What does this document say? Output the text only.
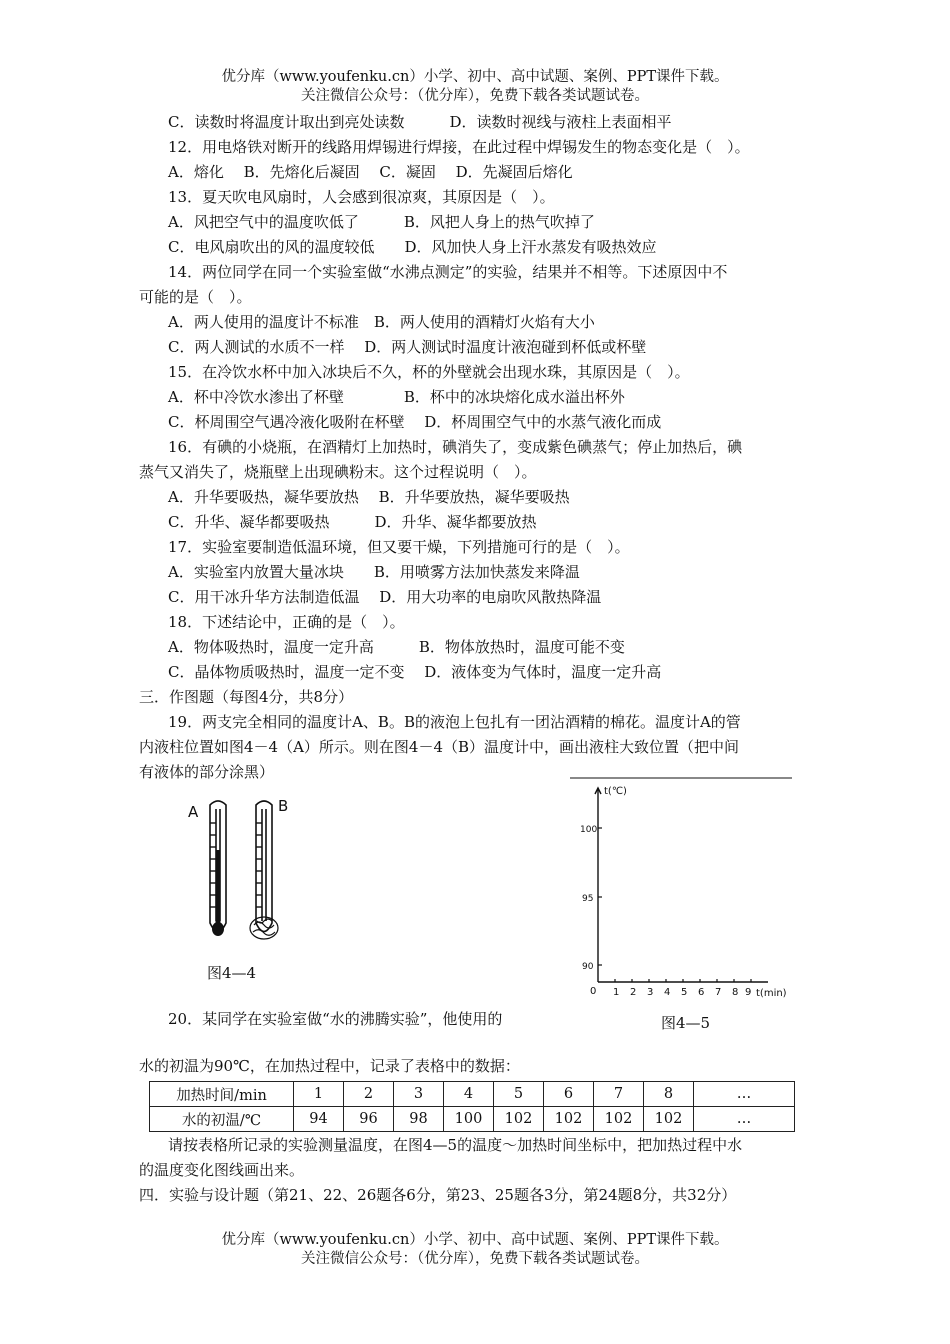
优分库（www.youfenku.cn）小学、初中、高中试题、案例、PPT课件下载。
关注微信公众号：（优分库），免费下载各类试题试卷。
C．读数时将温度计取出到亮处读数　　　D．读数时视线与液柱上表面相平
12．用电烙铁对断开的线路用焊锡进行焊接，在此过程中焊锡发生的物态变化是（　）。
A．熔化　 B．先熔化后凝固　 C．凝固　 D．先凝固后熔化
13．夏天吹电风扇时，人会感到很凉爽，其原因是（　）。
A．风把空气中的温度吹低了　　　B．风把人身上的热气吹掉了
C．电风扇吹出的风的温度较低　　D．风加快人身上汗水蒸发有吸热效应
14．两位同学在同一个实验室做“水沸点测定”的实验，结果并不相等。下述原因中不
可能的是（　）。
A．两人使用的温度计不标准　B．两人使用的酒精灯火焰有大小
C．两人测试的水质不一样　 D．两人测试时温度计液泡碰到杯低或杯壁
15．在冷饮水杯中加入冰块后不久，杯的外壁就会出现水珠，其原因是（　）。
A．杯中冷饮水渗出了杯壁　　　　B．杯中的冰块熔化成水溢出杯外
C．杯周围空气遇冷液化吸附在杯壁　 D．杯周围空气中的水蒸气液化而成
16．有碘的小烧瓶，在酒精灯上加热时，碘消失了，变成紫色碘蒸气；停止加热后，碘
蒸气又消失了，烧瓶壁上出现碘粉末。这个过程说明（　）。
A．升华要吸热，凝华要放热　 B．升华要放热，凝华要吸热
C．升华、凝华都要吸热　　　D．升华、凝华都要放热
17．实验室要制造低温环境，但又要干燥，下列措施可行的是（　）。
A．实验室内放置大量冰块　　B．用喷雾方法加快蒸发来降温
C．用干冰升华方法制造低温　 D．用大功率的电扇吹风散热降温
18．下述结论中，正确的是（　）。
A．物体吸热时，温度一定升高　　　B．物体放热时，温度可能不变
C．晶体物质吸热时，温度一定不变　 D．液体变为气体时，温度一定升高
三．作图题（每图4分，共8分）
19．两支完全相同的温度计A、B。B的液泡上包扎有一团沾酒精的棉花。温度计A的管
内液柱位置如图4－4（A）所示。则在图4－4（B）温度计中，画出液柱大致位置（把中间
有液体的部分涂黑）
A	B
图4—4
t(℃)
t(min)
0
100
95
90
1 2 3 4 5 6 7 8 9
图4—5
20．某同学在实验室做“水的沸腾实验”，他使用的
水的初温为90℃，在加热过程中，记录了表格中的数据：
加热时间/min	1	2	3	4	5	6	7	8	…
水的初温/℃	94	96	98	100	102	102	102	102	…
请按表格所记录的实验测量温度，在图4—5的温度～加热时间坐标中，把加热过程中水
的温度变化图线画出来。
四．实验与设计题（第21、22、26题各6分，第23、25题各3分，第24题8分，共32分）
优分库（www.youfenku.cn）小学、初中、高中试题、案例、PPT课件下载。
关注微信公众号：（优分库），免费下载各类试题试卷。
